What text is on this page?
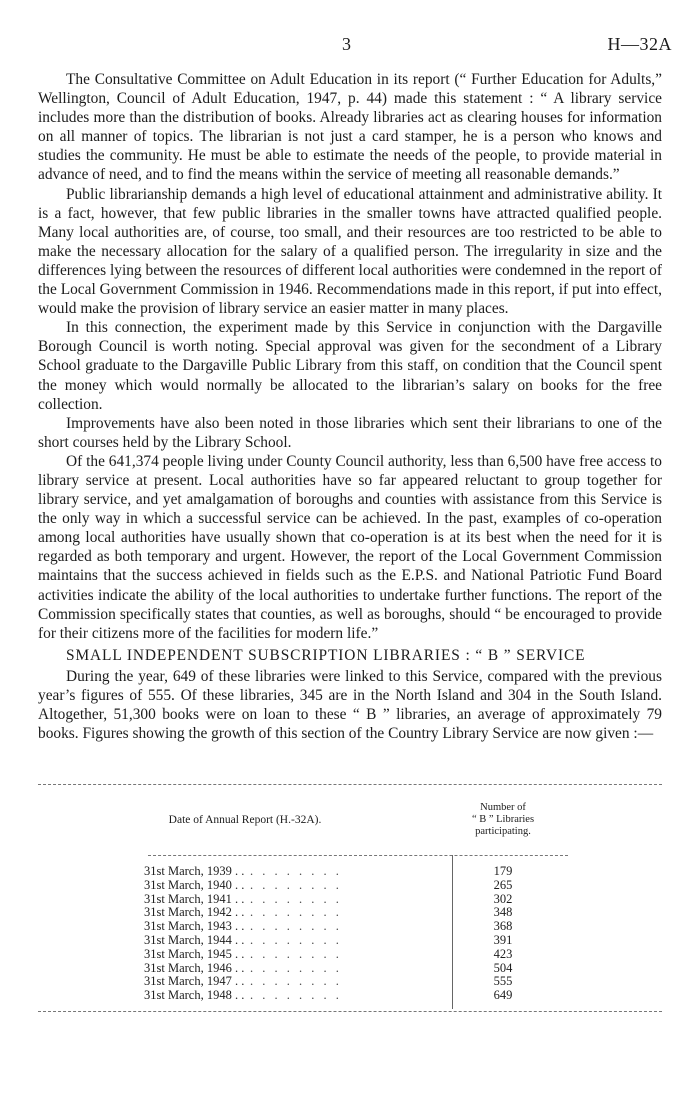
3	H—32A

The Consultative Committee on Adult Education in its report (“ Further Education for Adults,” Wellington, Council of Adult Education, 1947, p. 44) made this statement : “ A library service includes more than the distribution of books. Already libraries act as clearing houses for information on all manner of topics. The librarian is not just a card stamper, he is a person who knows and studies the community. He must be able to estimate the needs of the people, to provide material in advance of need, and to find the means within the service of meeting all reasonable demands.”

Public librarianship demands a high level of educational attainment and administrative ability. It is a fact, however, that few public libraries in the smaller towns have attracted qualified people. Many local authorities are, of course, too small, and their resources are too restricted to be able to make the necessary allocation for the salary of a qualified person. The irregularity in size and the differences lying between the resources of different local authorities were condemned in the report of the Local Government Commission in 1946. Recommendations made in this report, if put into effect, would make the provision of library service an easier matter in many places.

In this connection, the experiment made by this Service in conjunction with the Dargaville Borough Council is worth noting. Special approval was given for the secondment of a Library School graduate to the Dargaville Public Library from this staff, on condition that the Council spent the money which would normally be allocated to the librarian’s salary on books for the free collection.

Improvements have also been noted in those libraries which sent their librarians to one of the short courses held by the Library School.

Of the 641,374 people living under County Council authority, less than 6,500 have free access to library service at present. Local authorities have so far appeared reluctant to group together for library service, and yet amalgamation of boroughs and counties with assistance from this Service is the only way in which a successful service can be achieved. In the past, examples of co-operation among local authorities have usually shown that co-operation is at its best when the need for it is regarded as both temporary and urgent. However, the report of the Local Government Commission maintains that the success achieved in fields such as the E.P.S. and National Patriotic Fund Board activities indicate the ability of the local authorities to undertake further functions. The report of the Commission specifically states that counties, as well as boroughs, should “ be encouraged to provide for their citizens more of the facilities for modern life.”

SMALL INDEPENDENT SUBSCRIPTION LIBRARIES : “ B ” SERVICE

During the year, 649 of these libraries were linked to this Service, compared with the previous year’s figures of 555. Of these libraries, 345 are in the North Island and 304 in the South Island. Altogether, 51,300 books were on loan to these “ B ” libraries, an average of approximately 79 books. Figures showing the growth of this section of the Country Library Service are now given :—

Date of Annual Report (H.-32A).
Number of
“ B ” Libraries
participating.
31st March, 1939 . . . . . . . . . .	179
31st March, 1940 . . . . . . . . . .	265
31st March, 1941 . . . . . . . . . .	302
31st March, 1942 . . . . . . . . . .	348
31st March, 1943 . . . . . . . . . .	368
31st March, 1944 . . . . . . . . . .	391
31st March, 1945 . . . . . . . . . .	423
31st March, 1946 . . . . . . . . . .	504
31st March, 1947 . . . . . . . . . .	555
31st March, 1948 . . . . . . . . . .	649
